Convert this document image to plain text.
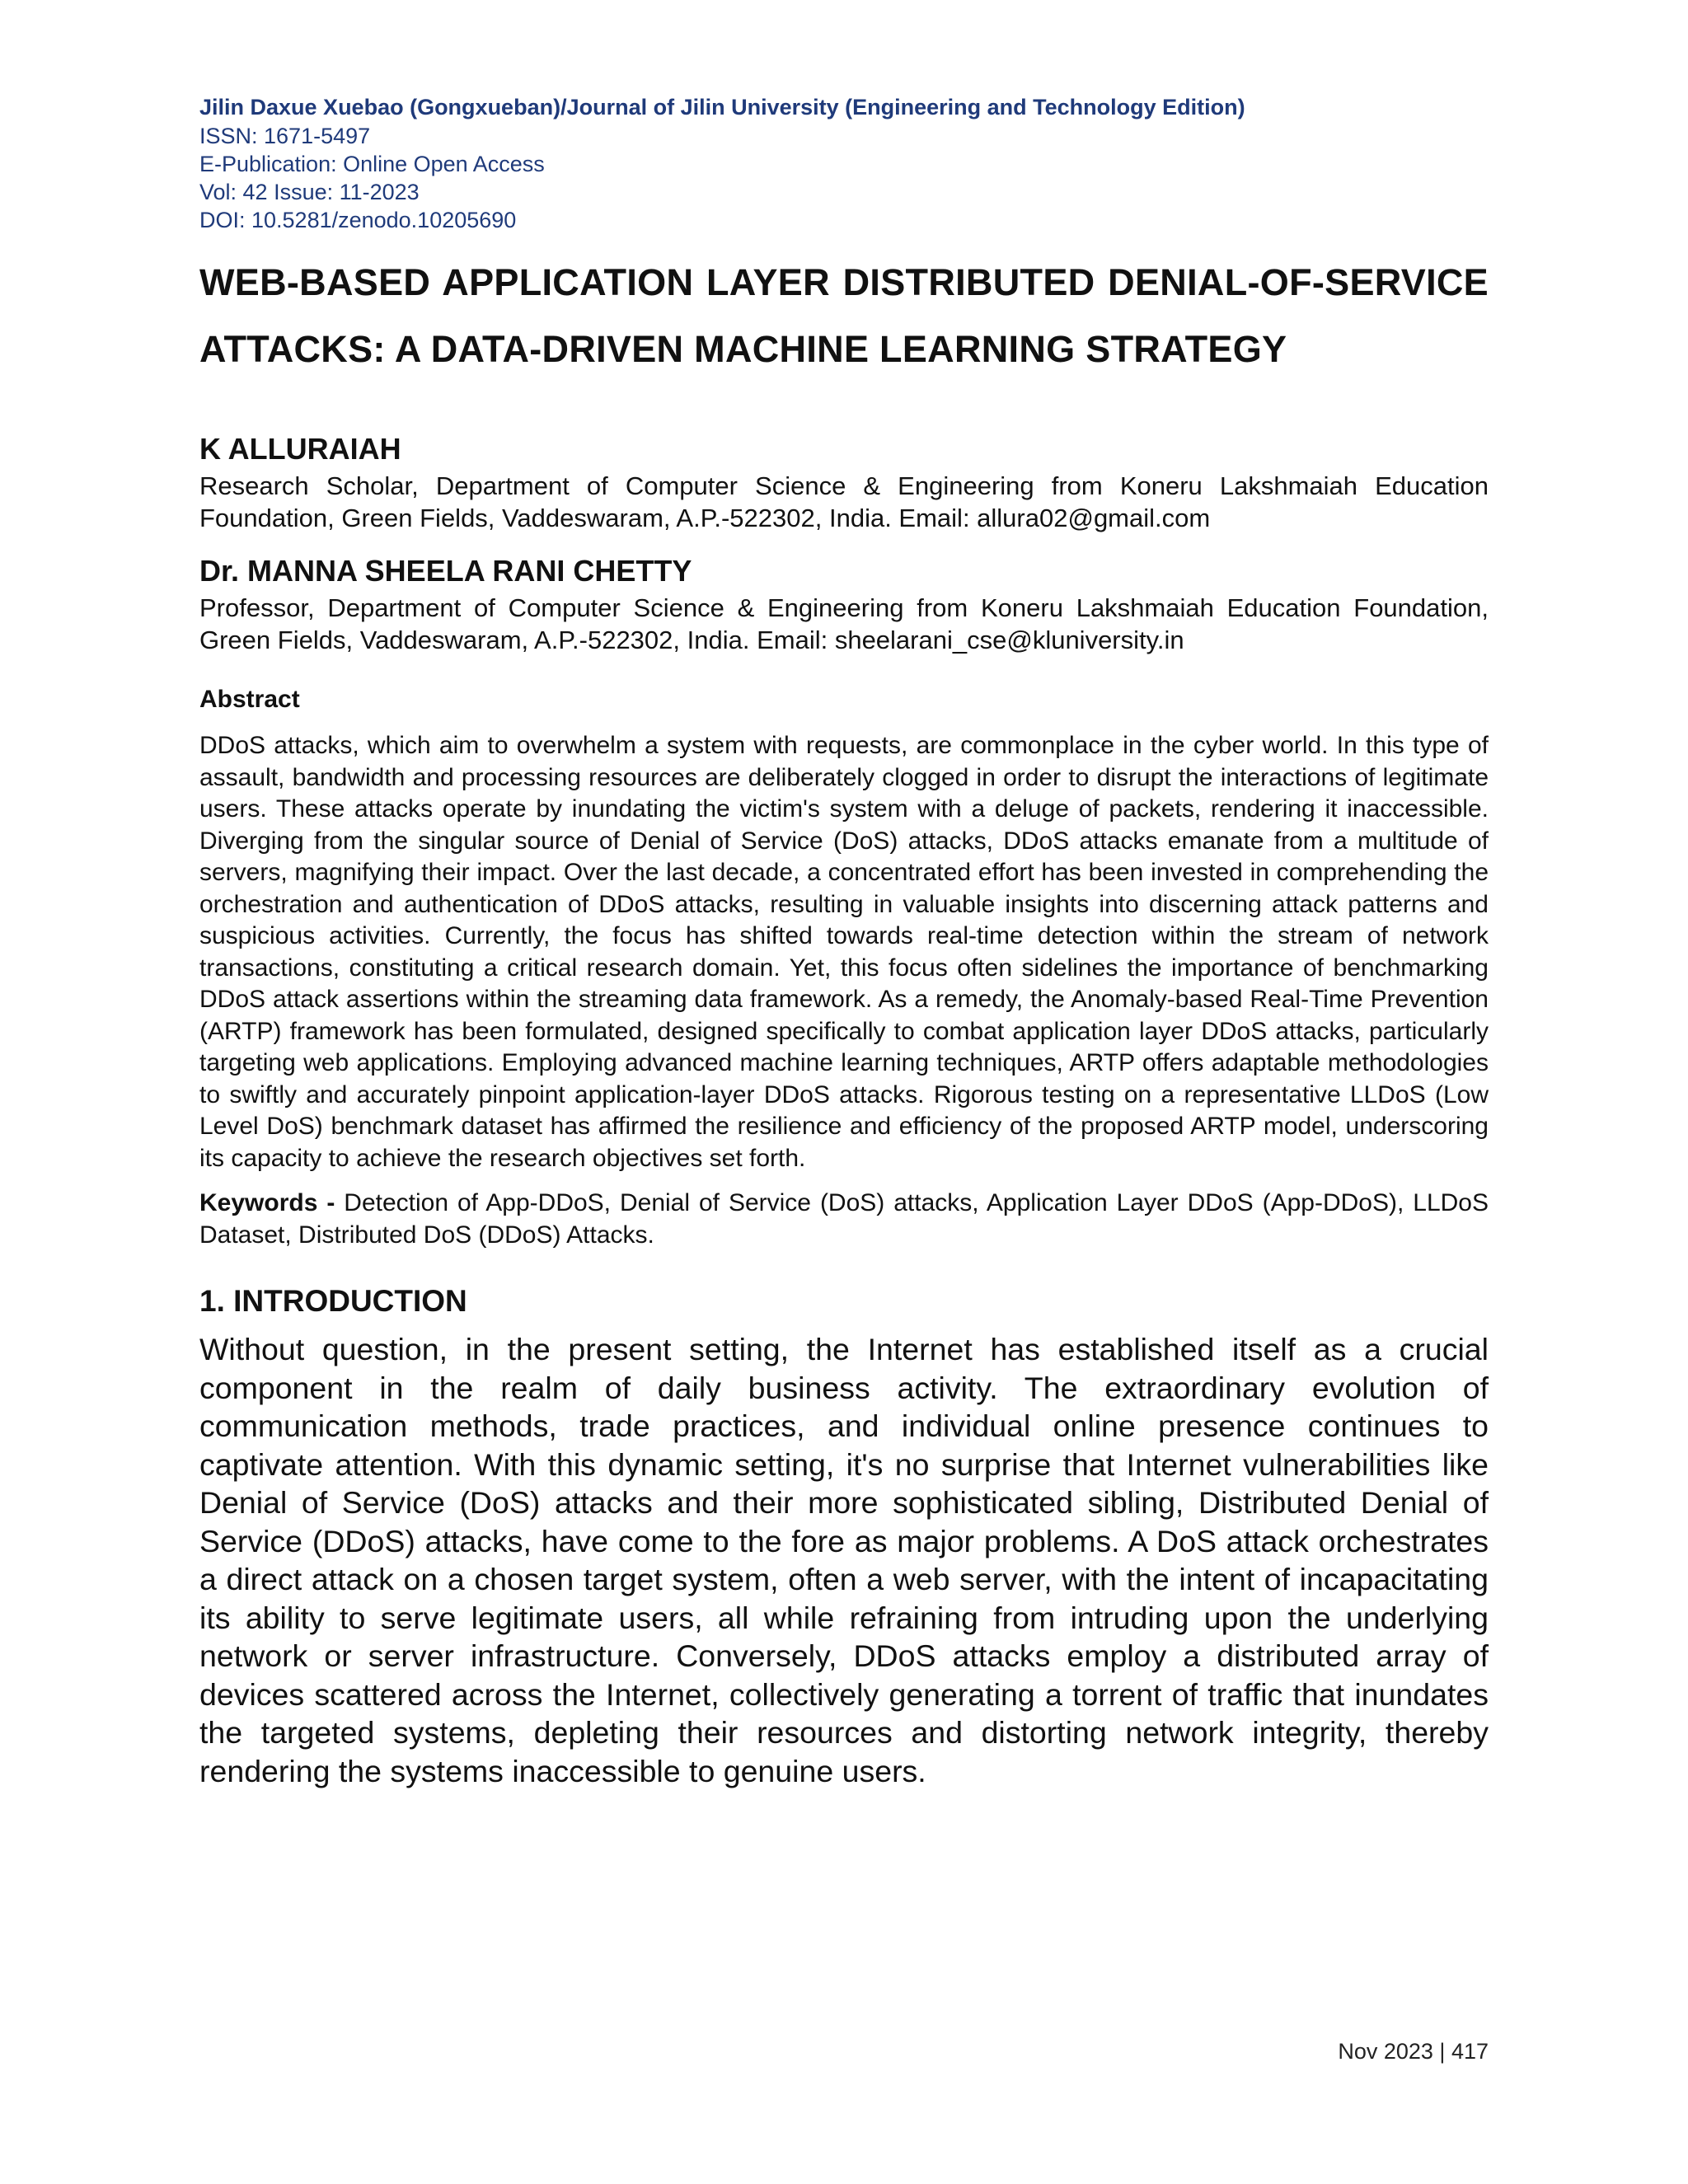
Jilin Daxue Xuebao (Gongxueban)/Journal of Jilin University (Engineering and Technology Edition)

ISSN: 1671-5497

E-Publication: Online Open Access

Vol: 42 Issue: 11-2023

DOI: 10.5281/zenodo.10205690

WEB-BASED APPLICATION LAYER DISTRIBUTED DENIAL-OF-SERVICE ATTACKS: A DATA-DRIVEN MACHINE LEARNING STRATEGY
K ALLURAIAH

Research Scholar, Department of Computer Science & Engineering from Koneru Lakshmaiah Education Foundation, Green Fields, Vaddeswaram, A.P.-522302, India. Email: allura02@gmail.com

Dr. MANNA SHEELA RANI CHETTY

Professor, Department of Computer Science & Engineering from Koneru Lakshmaiah Education Foundation, Green Fields, Vaddeswaram, A.P.-522302, India. Email: sheelarani_cse@kluniversity.in

Abstract

DDoS attacks, which aim to overwhelm a system with requests, are commonplace in the cyber world. In this type of assault, bandwidth and processing resources are deliberately clogged in order to disrupt the interactions of legitimate users. These attacks operate by inundating the victim's system with a deluge of packets, rendering it inaccessible. Diverging from the singular source of Denial of Service (DoS) attacks, DDoS attacks emanate from a multitude of servers, magnifying their impact. Over the last decade, a concentrated effort has been invested in comprehending the orchestration and authentication of DDoS attacks, resulting in valuable insights into discerning attack patterns and suspicious activities. Currently, the focus has shifted towards real-time detection within the stream of network transactions, constituting a critical research domain. Yet, this focus often sidelines the importance of benchmarking DDoS attack assertions within the streaming data framework. As a remedy, the Anomaly-based Real-Time Prevention (ARTP) framework has been formulated, designed specifically to combat application layer DDoS attacks, particularly targeting web applications. Employing advanced machine learning techniques, ARTP offers adaptable methodologies to swiftly and accurately pinpoint application-layer DDoS attacks. Rigorous testing on a representative LLDoS (Low Level DoS) benchmark dataset has affirmed the resilience and efficiency of the proposed ARTP model, underscoring its capacity to achieve the research objectives set forth.

Keywords - Detection of App-DDoS, Denial of Service (DoS) attacks, Application Layer DDoS (App-DDoS), LLDoS Dataset, Distributed DoS (DDoS) Attacks.

1. INTRODUCTION

Without question, in the present setting, the Internet has established itself as a crucial component in the realm of daily business activity. The extraordinary evolution of communication methods, trade practices, and individual online presence continues to captivate attention. With this dynamic setting, it's no surprise that Internet vulnerabilities like Denial of Service (DoS) attacks and their more sophisticated sibling, Distributed Denial of Service (DDoS) attacks, have come to the fore as major problems. A DoS attack orchestrates a direct attack on a chosen target system, often a web server, with the intent of incapacitating its ability to serve legitimate users, all while refraining from intruding upon the underlying network or server infrastructure. Conversely, DDoS attacks employ a distributed array of devices scattered across the Internet, collectively generating a torrent of traffic that inundates the targeted systems, depleting their resources and distorting network integrity, thereby rendering the systems inaccessible to genuine users.

Nov 2023 | 417
